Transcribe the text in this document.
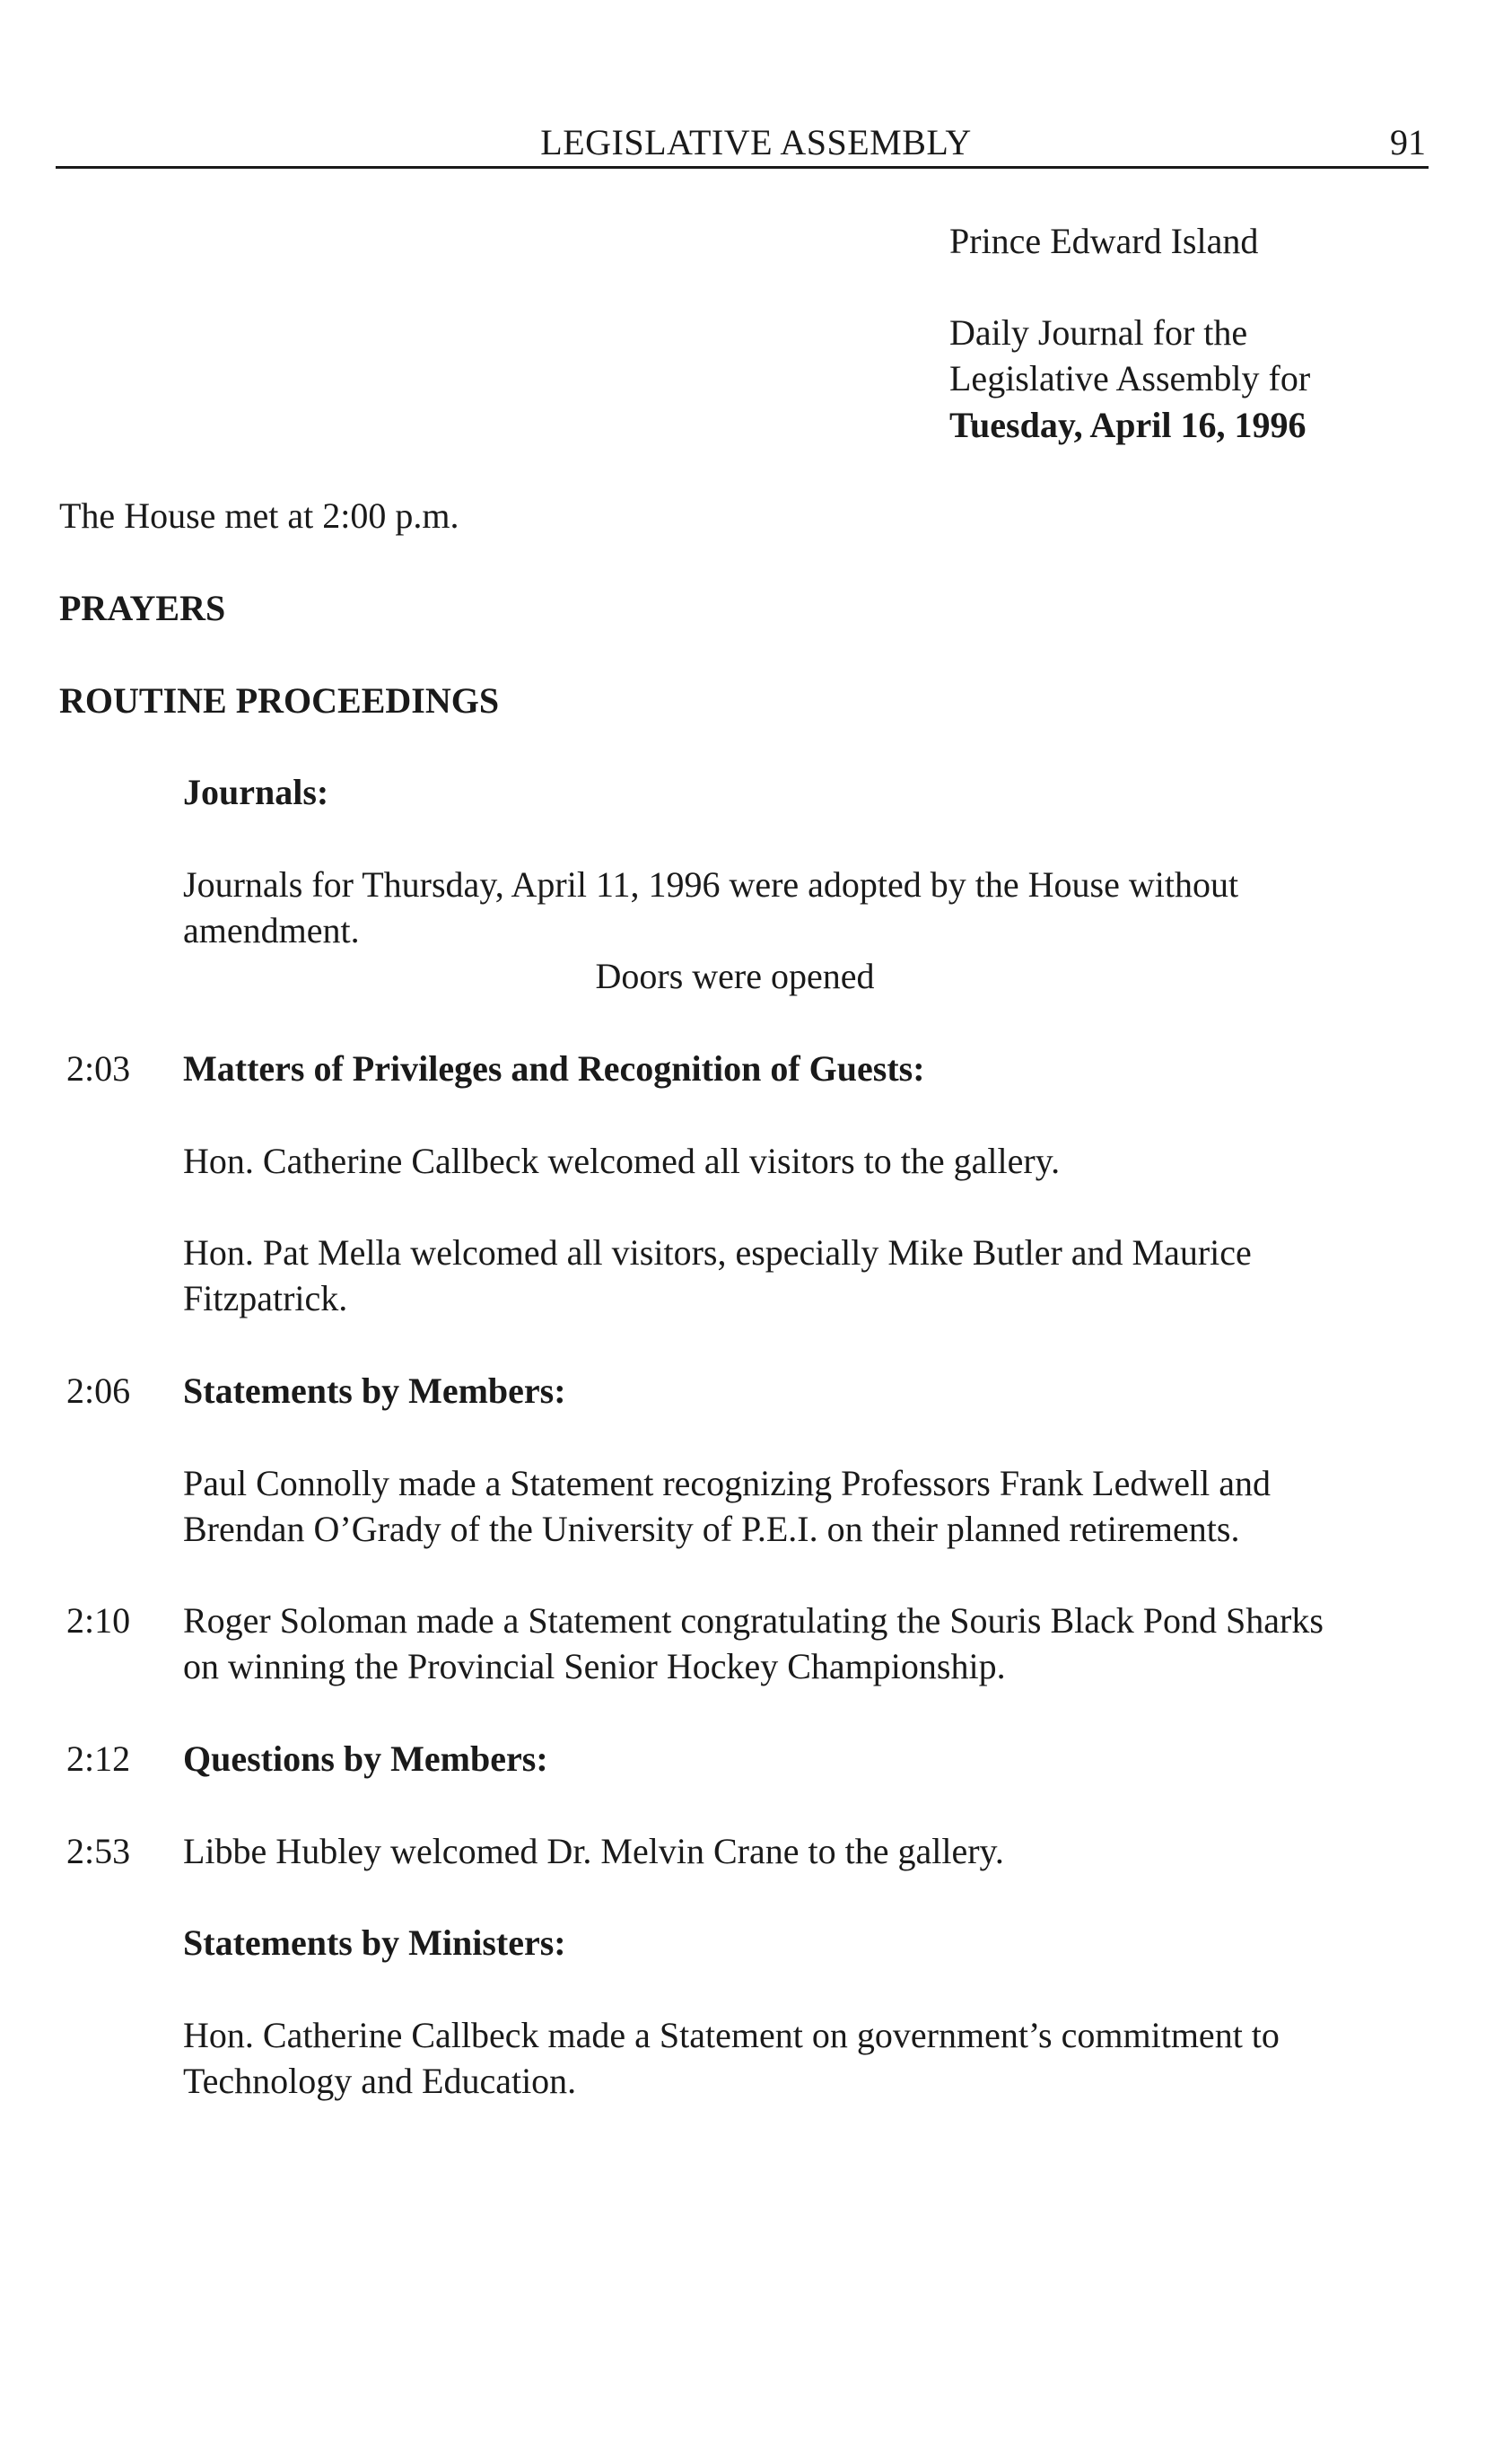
LEGISLATIVE ASSEMBLY	91
Prince Edward Island
Daily Journal for the
Legislative Assembly for
Tuesday, April 16, 1996
The House met at 2:00 p.m.
PRAYERS
ROUTINE PROCEEDINGS
Journals:
Journals for Thursday, April 11, 1996 were adopted by the House without
amendment.
Doors were opened
2:03	Matters of Privileges and Recognition of Guests:
Hon. Catherine Callbeck welcomed all visitors to the gallery.
Hon. Pat Mella welcomed all visitors, especially Mike Butler and Maurice
Fitzpatrick.
2:06	Statements by Members:
Paul Connolly made a Statement recognizing Professors Frank Ledwell and
Brendan O’Grady of the University of P.E.I. on their planned retirements.
2:10	Roger Soloman made a Statement congratulating the Souris Black Pond Sharks
on winning the Provincial Senior Hockey Championship.
2:12	Questions by Members:
2:53	Libbe Hubley welcomed Dr. Melvin Crane to the gallery.
Statements by Ministers:
Hon. Catherine Callbeck made a Statement on government’s commitment to
Technology and Education.
